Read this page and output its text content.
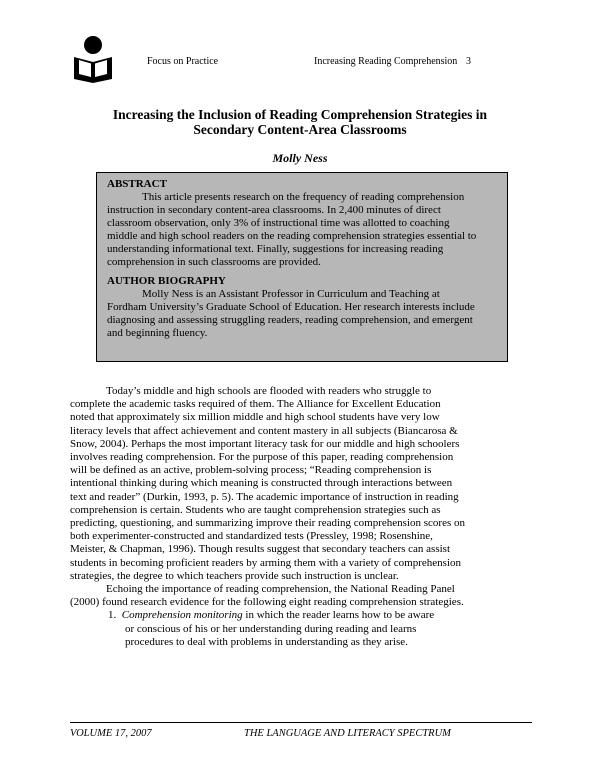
Focus on Practice	Increasing Reading Comprehension 3
Increasing the Inclusion of Reading Comprehension Strategies in
Secondary Content-Area Classrooms
Molly Ness
ABSTRACT
This article presents research on the frequency of reading comprehension
instruction in secondary content-area classrooms. In 2,400 minutes of direct
classroom observation, only 3% of instructional time was allotted to coaching
middle and high school readers on the reading comprehension strategies essential to
understanding informational text. Finally, suggestions for increasing reading
comprehension in such classrooms are provided.
AUTHOR BIOGRAPHY
Molly Ness is an Assistant Professor in Curriculum and Teaching at
Fordham University’s Graduate School of Education. Her research interests include
diagnosing and assessing struggling readers, reading comprehension, and emergent
and beginning fluency.
Today’s middle and high schools are flooded with readers who struggle to
complete the academic tasks required of them. The Alliance for Excellent Education
noted that approximately six million middle and high school students have very low
literacy levels that affect achievement and content mastery in all subjects (Biancarosa &
Snow, 2004). Perhaps the most important literacy task for our middle and high schoolers
involves reading comprehension. For the purpose of this paper, reading comprehension
will be defined as an active, problem-solving process; “Reading comprehension is
intentional thinking during which meaning is constructed through interactions between
text and reader” (Durkin, 1993, p. 5). The academic importance of instruction in reading
comprehension is certain. Students who are taught comprehension strategies such as
predicting, questioning, and summarizing improve their reading comprehension scores on
both experimenter-constructed and standardized tests (Pressley, 1998; Rosenshine,
Meister, & Chapman, 1996). Though results suggest that secondary teachers can assist
students in becoming proficient readers by arming them with a variety of comprehension
strategies, the degree to which teachers provide such instruction is unclear.
Echoing the importance of reading comprehension, the National Reading Panel
(2000) found research evidence for the following eight reading comprehension strategies.
1. Comprehension monitoring in which the reader learns how to be aware
or conscious of his or her understanding during reading and learns
procedures to deal with problems in understanding as they arise.
VOLUME 17, 2007	THE LANGUAGE AND LITERACY SPECTRUM
